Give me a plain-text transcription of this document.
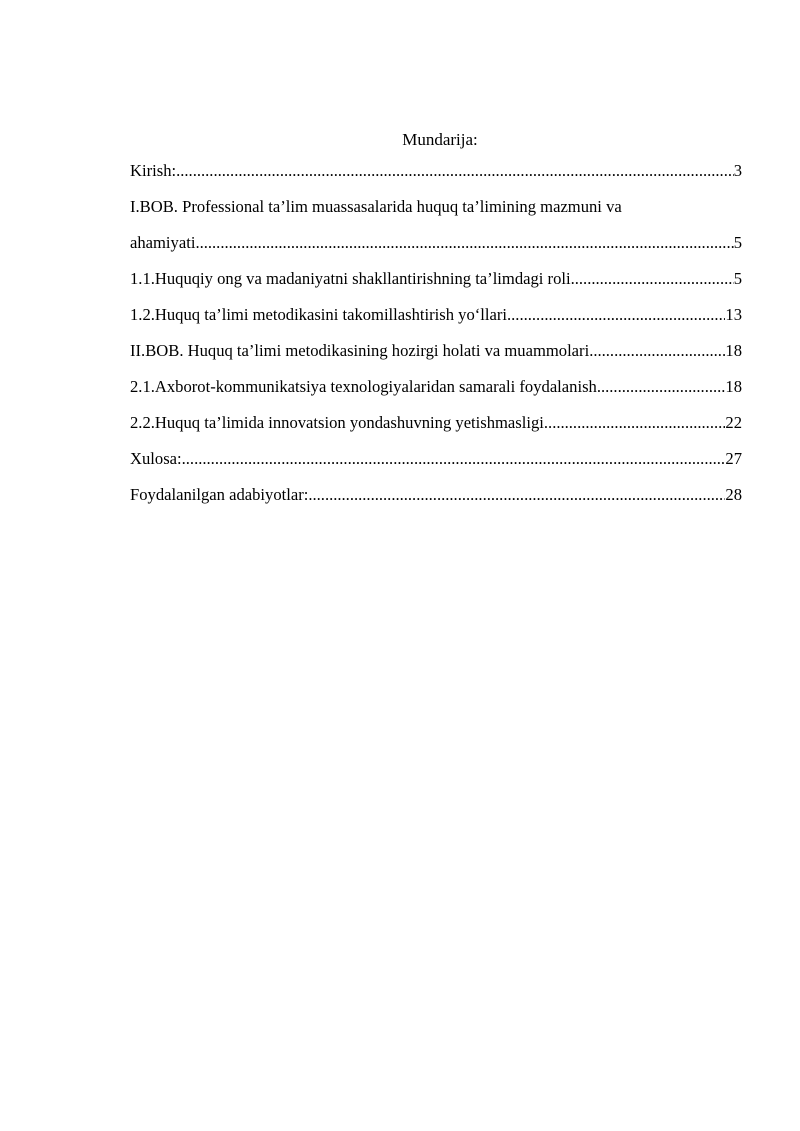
Mundarija:
Kirish: .....	3
I.BOB. Professional ta’lim muassasalarida huquq ta’limining mazmuni va
ahamiyati .....	5
1.1.Huquqiy ong va madaniyatni shakllantirishning ta’limdagi roli .....	5
1.2.Huquq ta’limi metodikasini takomillashtirish yo‘llari .....	13
II.BOB. Huquq ta’limi metodikasining hozirgi holati va muammolari .....	18
2.1.Axborot-kommunikatsiya texnologiyalaridan samarali foydalanish .....	18
2.2.Huquq ta’limida innovatsion yondashuvning yetishmasligi .....	22
Xulosa: .....	27
Foydalanilgan adabiyotlar: .....	28
